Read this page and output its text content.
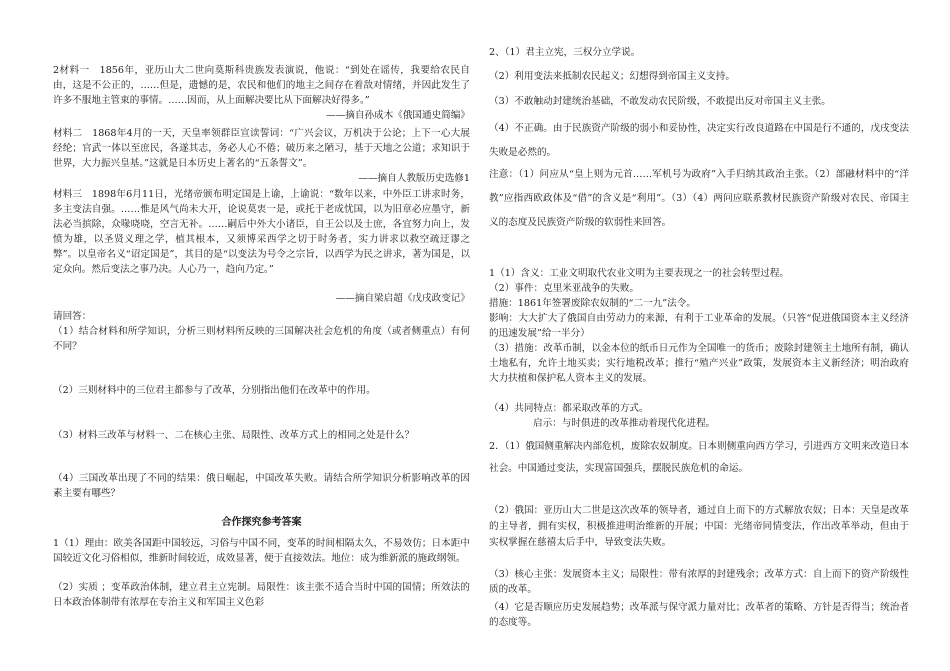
2材料一　1856年，亚历山大二世向莫斯科贵族发表演说，他说：“到处在谣传，我要给农民自由，这是不公正的，……但是，遗憾的是，农民和他们的地主之间存在着敌对情绪，并因此发生了许多不服地主管束的事情。……因而，从上面解决要比从下面解决好得多。”

——摘自孙成木《俄国通史简编》

材料二　1868年4月的一天，天皇率领群臣宣读誓词：“广兴会议，万机决于公论；上下一心大展经纶；官武一体以至庶民，各遂其志，务必人心不倦；破历来之陋习，基于天地之公道；求知识于世界，大力振兴皇基。”这就是日本历史上著名的“五条誓文”。

——摘自人教版历史选修1

材料三　1898年6月11日，光绪帝颁布明定国是上谕，上谕说：“数年以来，中外臣工讲求时务，多主变法自强。……惟是风气尚未大开，论说莫衷一是，或托于老成忧国，以为旧章必应墨守，新法必当摈除，众喙哓哓，空言无补。……嗣后中外大小诸臣，自王公以及士庶，各宜努力向上，发愤为雄，以圣贤义理之学，植其根本，又须博采西学之切于时务者，实力讲求以救空疏迂谬之弊”。以皇帝名义“诏定国是”，其目的是“以变法为号令之宗旨，以西学为民之讲求，著为国是，以定众向。然后变法之事乃决。人心乃一，趋向乃定。”

——摘自梁启超《戊戌政变记》

请回答：

（1）结合材料和所学知识，分析三则材料所反映的三国解决社会危机的角度（或者侧重点）有何不同？

（2）三则材料中的三位君主都参与了改革，分别指出他们在改革中的作用。

（3）材料三改革与材料一、二在核心主张、局限性、改革方式上的相同之处是什么？

（4）三国改革出现了不同的结果：俄日崛起，中国改革失败。请结合所学知识分析影响改革的因素主要有哪些？

合作探究参考答案

1（1）理由：欧美各国距中国较远，习俗与中国不同，变革的时间相隔太久，不易效仿；日本距中国较近文化习俗相似，维新时间较近，成效显著，便于直接效法。地位：成为维新派的施政纲领。

（2）实质 ；变革政治体制，建立君主立宪制。局限性：该主张不适合当时中国的国情；所效法的日本政治体制带有浓厚在专治主义和军国主义色彩

2、（1）君主立宪，三权分立学说。

（2）利用变法来抵制农民起义；幻想得到帝国主义支持。

（3）不敢触动封建统治基础，不敢发动农民阶级，不敢提出反对帝国主义主张。

（4）不正确。由于民族资产阶级的弱小和妥协性，决定实行改良道路在中国是行不通的，戊戌变法失败是必然的。

注意：（1）问应从“皇上则为元首……军机号为政府”入手归纳其政治主张。（2）部融材料中的“洋教”应指西欧政体及“借”的含义是“利用”。（3）（4）两问应联系教材民族资产阶级对农民、帝国主义的态度及民族资产阶级的软弱性来回答。

1（1）含义：工业文明取代农业文明为主要表现之一的社会转型过程。

（2）事件：克里米亚战争的失败。

措施：1861年签署废除农奴制的“二一九”法令。

影响：大大扩大了俄国自由劳动力的来源，有利于工业革命的发展。（只答“促进俄国资本主义经济的迅速发展”给一半分）

（3）措施：改革币制，以金本位的纸币日元作为全国唯一的货币；废除封建领主土地所有制，确认土地私有，允许土地买卖；实行地税改革；推行“殖产兴业”政策，发展资本主义新经济；明治政府大力扶植和保护私人资本主义的发展。

（4）共同特点：都采取改革的方式。

启示：与时俱进的改革推动着现代化进程。

2．（1）俄国侧重解决内部危机，废除农奴制度。日本则侧重向西方学习，引进西方文明来改造日本社会。中国通过变法，实现富国强兵，摆脱民族危机的命运。

（2）俄国：亚历山大二世是这次改革的领导者，通过自上而下的方式解放农奴；日本：天皇是改革的主导者，拥有实权，积极推进明治维新的开展；中国：光绪帝同情变法，作出改革举动，但由于实权掌握在慈禧太后手中，导致变法失败。

（3）核心主张：发展资本主义；局限性：带有浓厚的封建残余；改革方式：自上而下的资产阶级性质的改革。

（4）它是否顺应历史发展趋势；改革派与保守派力量对比；改革者的策略、方针是否得当；统治者的态度等。
